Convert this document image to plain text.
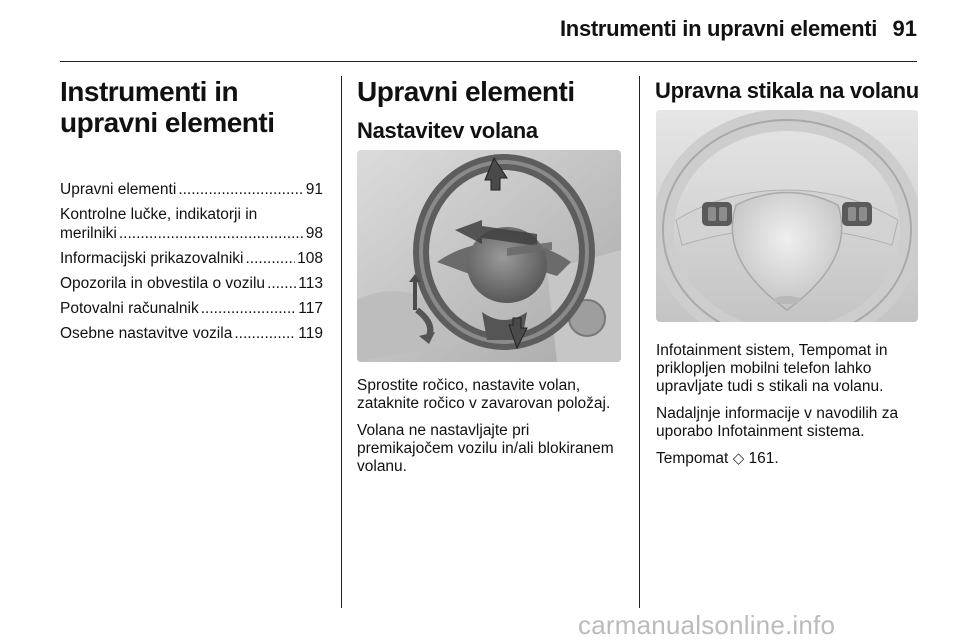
Instrumenti in upravni elementi 91
Instrumenti in upravni elementi
Upravni elementi .....	91
Kontrolne lučke, indikatorji in
merilniki .....	98
Informacijski prikazovalniki .....	108
Opozorila in obvestila o vozilu ..... 113
Potovalni računalnik .....	117
Osebne nastavitve vozila .....	119
Upravni elementi
Nastavitev volana

Sprostite ročico, nastavite volan, zataknite ročico v zavarovan položaj.

Volana ne nastavljajte pri premikajočem vozilu in/ali blokiranem volanu.

Upravna stikala na volanu

Infotainment sistem, Tempomat in priklopljen mobilni telefon lahko upravljate tudi s stikali na volanu.

Nadaljnje informacije v navodilih za uporabo Infotainment sistema.

Tempomat ◇ 161.

carmanualsonline.info
